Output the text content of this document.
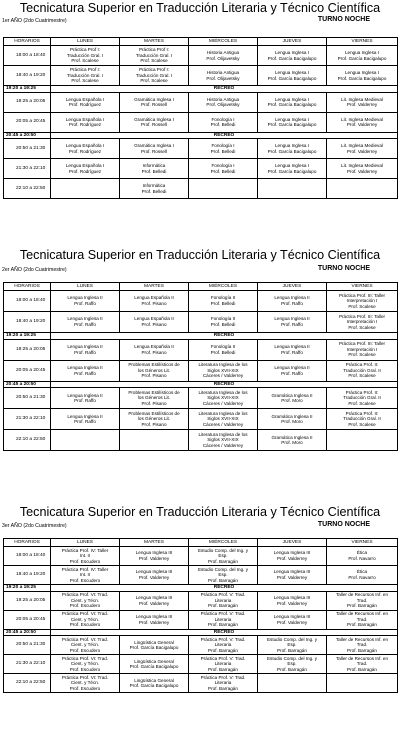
Tecnicatura Superior en Traducción Literaria y Técnico Científica
1er AÑO (2do Cuatrimestre)	TURNO NOCHE
HORARIOS	LUNES	MARTES	MIÉRCOLES	JUEVES	VIERNES
18:00 a 18:40	Práctica Prof I:
Traducción Gral. I
Prof. Scalese	Práctica Prof I:
Traducción Gral. I
Prof. Scalese	Historia Antigua
Prof. Olijavetsky	Lengua Inglesa I
Prof. García Bacigalupo	Lengua Inglesa I
Prof. García Bacigalupo

18:40 a 19:20	Práctica Prof I:
Traducción Gral. I
Prof. Scalese	Práctica Prof I:
Traducción Gral. I
Prof. Scalese	Historia Antigua
Prof. Olijavetsky	Lengua Inglesa I
Prof. García Bacigalupo	Lengua Inglesa I
Prof. García Bacigalupo

19:20 a 19:25	RECREO				
19:25 a 20:05	Lengua Española I
Prof. Rodríguez	Gramática Inglesa I
Prof. Rossell	Historia Antigua
Prof. Olijavetsky	Lengua Inglesa I
Prof. García Bacigalupo	Lit. Inglesa Medieval
Prof. Valderrey

20:05 a 20:45	Lengua Española I
Prof. Rodríguez	Gramática Inglesa I
Prof. Rossell	Fonología I
Prof. Belledi	Lengua Inglesa I
Prof. García Bacigalupo	Lit. Inglesa Medieval
Prof. Valderrey

20:45 a 20:50	RECREO				
20:50 a 21:30	Lengua Española I
Prof. Rodríguez	Gramática Inglesa I
Prof. Rossell	Fonología I
Prof. Belledi	Lengua Inglesa I
Prof. García Bacigalupo	Lit. Inglesa Medieval
Prof. Valderrey

21:30 a 22:10	Lengua Española I
Prof. Rodríguez	Informática
Prof. Belledi	Fonología I
Prof. Belledi	Lengua Inglesa I
Prof. García Bacigalupo	Lit. Inglesa Medieval
Prof. Valderrey

22:10 a 22:50		Informática
Prof. Belledi			

Tecnicatura Superior en Traducción Literaria y Técnico Científica
2er AÑO (2do Cuatrimestre)	TURNO NOCHE
HORARIOS	LUNES	MARTES	MIÉRCOLES	JUEVES	VIERNES
18:00 a 18:40	Lengua Inglesa II
Prof. Raffo	Lengua Española II
Prof. Pisano	Fonología II
Prof. Belledi	Lengua Inglesa II
Prof. Raffo	Práctica Prof. III: Taller
Interpretación I
Prof. Scalese

18:40 a 19:20	Lengua Inglesa II
Prof. Raffo	Lengua Española II
Prof. Pisano	Fonología II
Prof. Belledi	Lengua Inglesa II
Prof. Raffo	Práctica Prof. III: Taller
Interpretación I
Prof. Scalese

19:20 a 19:25	RECREO				
19:25 a 20:05	Lengua Inglesa II
Prof. Raffo	Lengua Española II
Prof. Pisano	Fonología II
Prof. Belledi	Lengua Inglesa II
Prof. Raffo	Práctica Prof. III: Taller
Interpretación I
Prof. Scalese

20:05 a 20:45	Lengua Inglesa II
Prof. Raffo	Problemas Estilísticos de
los Géneros Lit.
Prof. Pisano	Literatura Inglesa de los
Siglos XVII-XIX
Cáceres / Valderrey	Lengua Inglesa II
Prof. Raffo	Práctica Prof. II:
Traducción Gral. II
Prof. Scalese

20:45 a 20:50	RECREO				
20:50 a 21:30	Lengua Inglesa II
Prof. Raffo	Problemas Estilísticos de
los Géneros Lit.
Prof. Pisano	Literatura Inglesa de los
Siglos XVII-XIX
Cáceres / Valderrey	Gramática Inglesa II
Prof. Moro	Práctica Prof. II:
Traducción Gral. II
Prof. Scalese

21:30 a 22:10	Lengua Inglesa II
Prof. Raffo	Problemas Estilísticos de
los Géneros Lit.
Prof. Pisano	Literatura Inglesa de los
Siglos XVII-XIX
Cáceres / Valderrey	Gramática Inglesa II
Prof. Moro	Práctica Prof. II:
Traducción Gral. II
Prof. Scalese

22:10 a 22:50			Literatura Inglesa de los
Siglos XVII-XIX
Cáceres / Valderrey	Gramática Inglesa II
Prof. Moro	

Tecnicatura Superior en Traducción Literaria y Técnico Científica
3er AÑO (2do Cuatrimestre)	TURNO NOCHE
HORARIOS	LUNES	MARTES	MIÉRCOLES	JUEVES	VIERNES
18:00 a 18:40	Práctica Prof. IV: Taller
Int. II
Prof. Escudero	Lengua Inglesa III
Prof. Valderrey	Estudio Comp. del Ing. y
Esp.
Prof. Barragán	Lengua Inglesa III
Prof. Valderrey	Ética
Prof. Navarro

18:40 a 19:20	Práctica Prof. IV: Taller
Int. II
Prof. Escudero	Lengua Inglesa III
Prof. Valderrey	Estudio Comp. del Ing. y
Esp.
Prof. Barragán	Lengua Inglesa III
Prof. Valderrey	Ética
Prof. Navarro

19:20 a 19:25	RECREO				
19:25 a 20:05	Práctica Prof. VI: Trad.
Cient. y Técn.
Prof. Escudero	Lengua Inglesa III
Prof. Valderrey	Práctica Prof. V: Trad.
Literaria
Prof. Barragán	Lengua Inglesa III
Prof. Valderrey	Taller de Recursos Inf. en
Trad.
Prof. Barragán

20:05 a 20:45	Práctica Prof. VI: Trad.
Cient. y Técn.
Prof. Escudero	Lengua Inglesa III
Prof. Valderrey	Práctica Prof. V: Trad.
Literaria
Prof. Barragán	Lengua Inglesa III
Prof. Valderrey	Taller de Recursos Inf. en
Trad.
Prof. Barragán

20:45 a 20:50	RECREO				
20:50 a 21:30	Práctica Prof. VI: Trad.
Cient. y Técn.
Prof. Escudero	Lingüística General
Prof. García Bacigalupo	Práctica Prof. V: Trad.
Literaria
Prof. Barragán	Estudio Comp. del Ing. y
Esp.
Prof. Barragán	Taller de Recursos Inf. en
Trad.
Prof. Barragán

21:30 a 22:10	Práctica Prof. VI: Trad.
Cient. y Técn.
Prof. Escudero	Lingüística General
Prof. García Bacigalupo	Práctica Prof. V: Trad.
Literaria
Prof. Barragán	Estudio Comp. del Ing. y
Esp.
Prof. Barragán	Taller de Recursos Inf. en
Trad.
Prof. Barragán

22:10 a 22:50	Práctica Prof. VI: Trad.
Cient. y Técn.
Prof. Escudero	Lingüística General
Prof. García Bacigalupo	Práctica Prof. V: Trad.
Literaria
Prof. Barragán		
